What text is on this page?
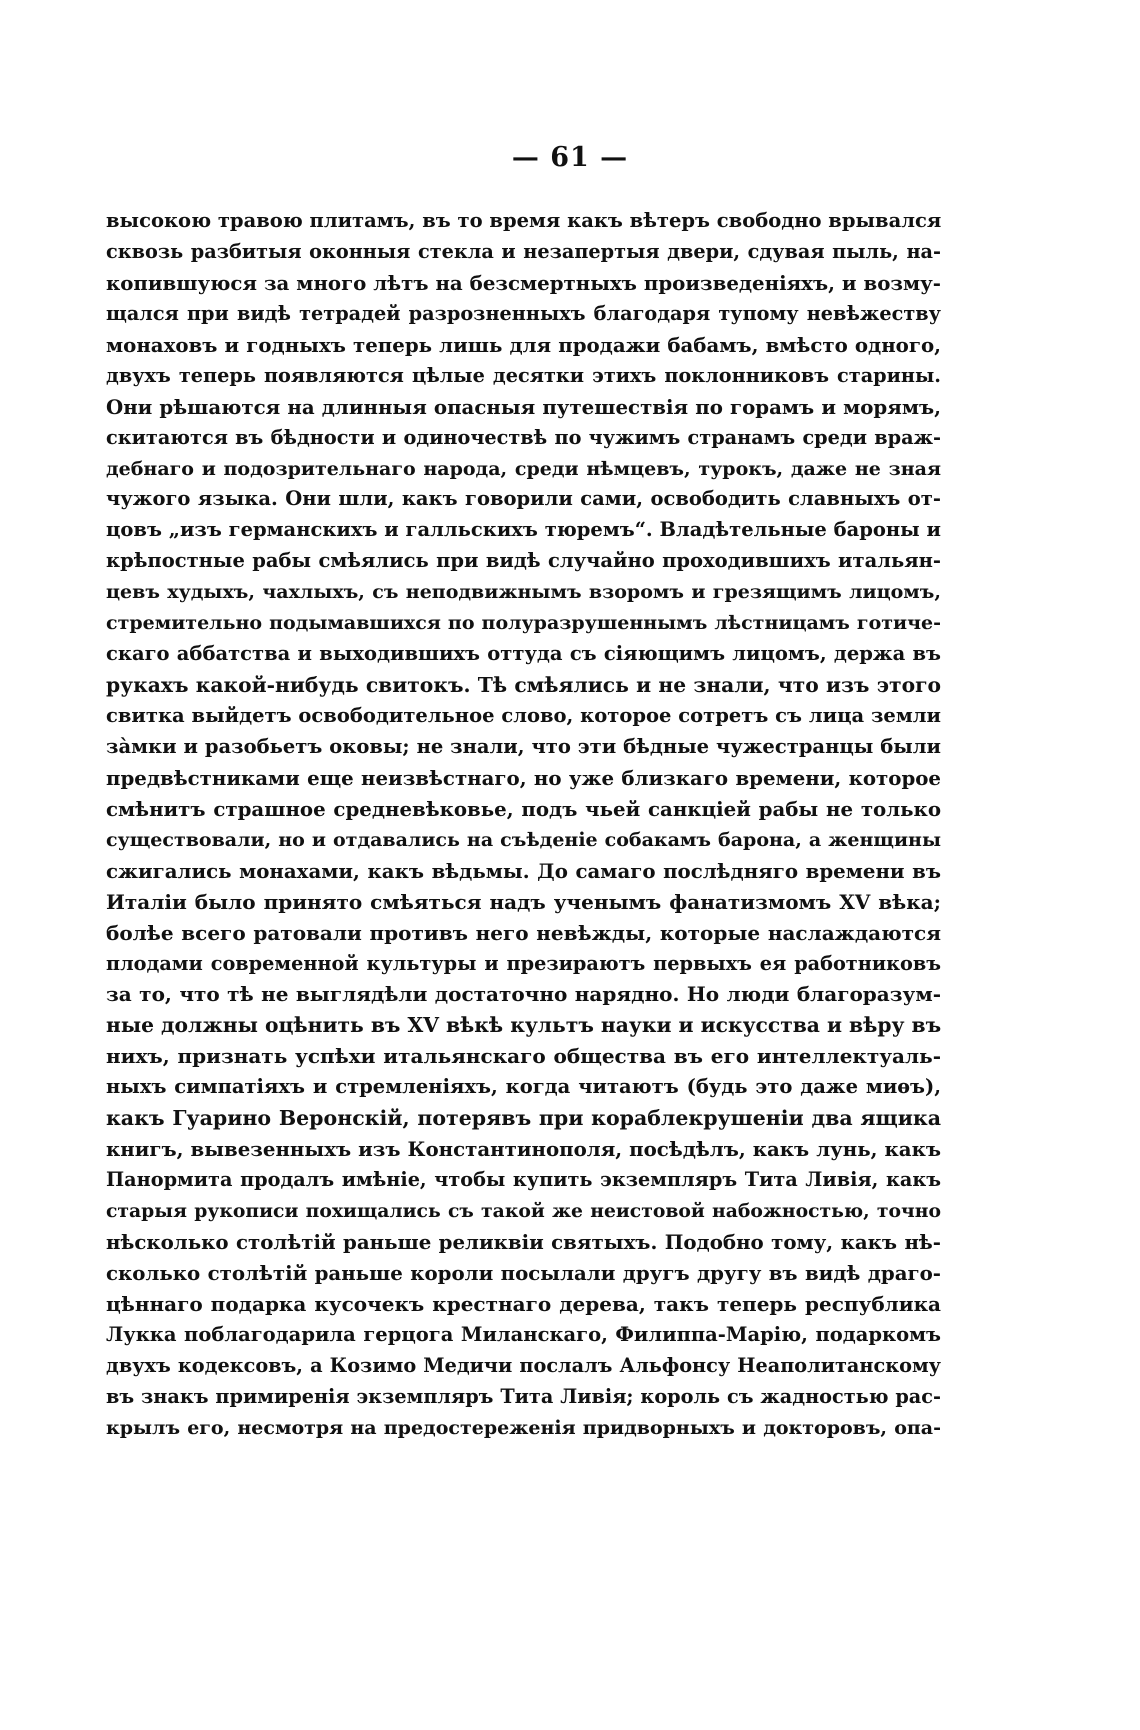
— 61 —
высокою травою плитамъ, въ то время какъ вѣтеръ свободно врывался
сквозь разбитыя оконныя стекла и незапертыя двери, сдувая пыль, на-
копившуюся за много лѣтъ на безсмертныхъ произведеніяхъ, и возму-
щался при видѣ тетрадей разрозненныхъ благодаря тупому невѣжеству
монаховъ и годныхъ теперь лишь для продажи бабамъ, вмѣсто одного,
двухъ теперь появляются цѣлые десятки этихъ поклонниковъ старины.
Они рѣшаются на длинныя опасныя путешествія по горамъ и морямъ,
скитаются въ бѣдности и одиночествѣ по чужимъ странамъ среди враж-
дебнаго и подозрительнаго народа, среди нѣмцевъ, турокъ, даже не зная
чужого языка. Они шли, какъ говорили сами, освободить славныхъ от-
цовъ „изъ германскихъ и галльскихъ тюремъ“. Владѣтельные бароны и
крѣпостные рабы смѣялись при видѣ случайно проходившихъ итальян-
цевъ худыхъ, чахлыхъ, съ неподвижнымъ взоромъ и грезящимъ лицомъ,
стремительно подымавшихся по полуразрушеннымъ лѣстницамъ готиче-
скаго аббатства и выходившихъ оттуда съ сіяющимъ лицомъ, держа въ
рукахъ какой-нибудь свитокъ. Тѣ смѣялись и не знали, что изъ этого
свитка выйдетъ освободительное слово, которое сотретъ съ лица земли
зàмки и разобьетъ оковы; не знали, что эти бѣдные чужестранцы были
предвѣстниками еще неизвѣстнаго, но уже близкаго времени, которое
смѣнитъ страшное средневѣковье, подъ чьей санкціей рабы не только
существовали, но и отдавались на съѣденіе собакамъ барона, а женщины
сжигались монахами, какъ вѣдьмы. До самаго послѣдняго времени въ
Италіи было принято смѣяться надъ ученымъ фанатизмомъ XV вѣка;
болѣе всего ратовали противъ него невѣжды, которые наслаждаются
плодами современной культуры и презираютъ первыхъ ея работниковъ
за то, что тѣ не выглядѣли достаточно нарядно. Но люди благоразум-
ные должны оцѣнить въ XV вѣкѣ культъ науки и искусства и вѣру въ
нихъ, признать успѣхи итальянскаго общества въ его интеллектуаль-
ныхъ симпатіяхъ и стремленіяхъ, когда читаютъ (будь это даже миѳъ),
какъ Гуарино Веронскій, потерявъ при кораблекрушеніи два ящика
книгъ, вывезенныхъ изъ Константинополя, посѣдѣлъ, какъ лунь, какъ
Панормита продалъ имѣніе, чтобы купить экземпляръ Тита Ливія, какъ
старыя рукописи похищались съ такой же неистовой набожностью, точно
нѣсколько столѣтій раньше реликвіи святыхъ. Подобно тому, какъ нѣ-
сколько столѣтій раньше короли посылали другъ другу въ видѣ драго-
цѣннаго подарка кусочекъ крестнаго дерева, такъ теперь республика
Лукка поблагодарила герцога Миланскаго, Филиппа-Марію, подаркомъ
двухъ кодексовъ, а Козимо Медичи послалъ Альфонсу Неаполитанскому
въ знакъ примиренія экземпляръ Тита Ливія; король съ жадностью рас-
крылъ его, несмотря на предостереженія придворныхъ и докторовъ, опа-
